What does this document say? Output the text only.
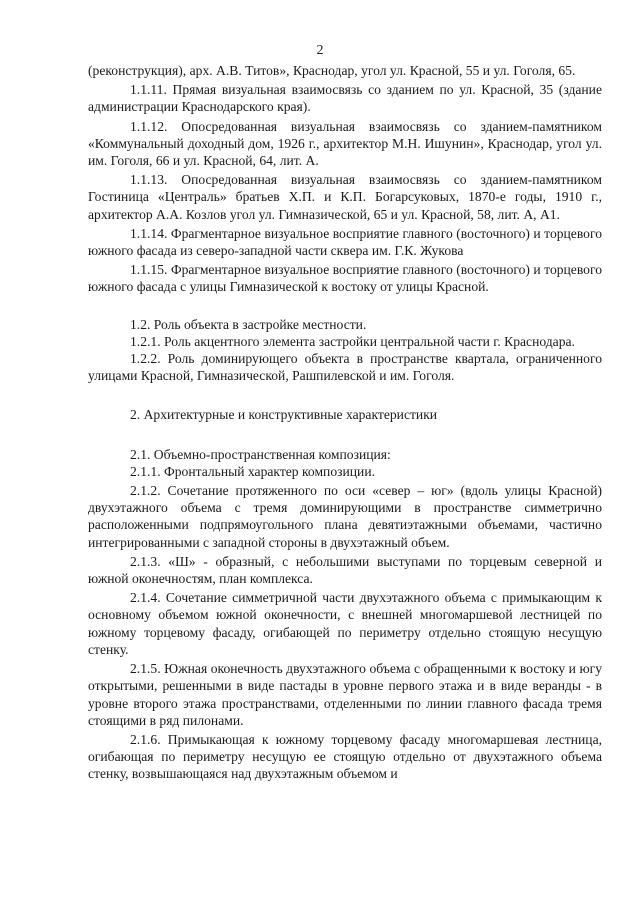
2

(реконструкция), арх. А.В. Титов», Краснодар, угол ул. Красной, 55 и ул. Гоголя, 65.

1.1.11. Прямая визуальная взаимосвязь со зданием по ул. Красной, 35 (здание администрации Краснодарского края).

1.1.12. Опосредованная визуальная взаимосвязь со зданием-памятником «Коммунальный доходный дом, 1926 г., архитектор М.Н. Ишунин», Краснодар, угол ул. им. Гоголя, 66 и ул. Красной, 64, лит. А.

1.1.13. Опосредованная визуальная взаимосвязь со зданием-памятником Гостиница «Централь» братьев Х.П. и К.П. Богарсуковых, 1870-е годы, 1910 г., архитектор А.А. Козлов угол ул. Гимназической, 65 и ул. Красной, 58, лит. А, А1.

1.1.14. Фрагментарное визуальное восприятие главного (восточного) и торцевого южного фасада из северо-западной части сквера им. Г.К. Жукова

1.1.15. Фрагментарное визуальное восприятие главного (восточного) и торцевого южного фасада с улицы Гимназической к востоку от улицы Красной.

1.2. Роль объекта в застройке местности.

1.2.1. Роль акцентного элемента застройки центральной части г. Краснодара.

1.2.2. Роль доминирующего объекта в пространстве квартала, ограниченного улицами Красной, Гимназической, Рашпилевской и им. Гоголя.

2. Архитектурные и конструктивные характеристики

2.1. Объемно-пространственная композиция:

2.1.1. Фронтальный характер композиции.

2.1.2. Сочетание протяженного по оси «север – юг» (вдоль улицы Красной) двухэтажного объема с тремя доминирующими в пространстве симметрично расположенными подпрямоугольного плана девятиэтажными объемами, частично интегрированными с западной стороны в двухэтажный объем.

2.1.3. «Ш» - образный, с небольшими выступами по торцевым северной и южной оконечностям, план комплекса.

2.1.4. Сочетание симметричной части двухэтажного объема с примыкающим к основному объемом южной оконечности, с внешней многомаршевой лестницей по южному торцевому фасаду, огибающей по периметру отдельно стоящую несущую стенку.

2.1.5. Южная оконечность двухэтажного объема с обращенными к востоку и югу открытыми, решенными в виде пастады в уровне первого этажа и в виде веранды - в уровне второго этажа пространствами, отделенными по линии главного фасада тремя стоящими в ряд пилонами.

2.1.6. Примыкающая к южному торцевому фасаду многомаршевая лестница, огибающая по периметру несущую ее стоящую отдельно от двухэтажного объема стенку, возвышающаяся над двухэтажным объемом и
